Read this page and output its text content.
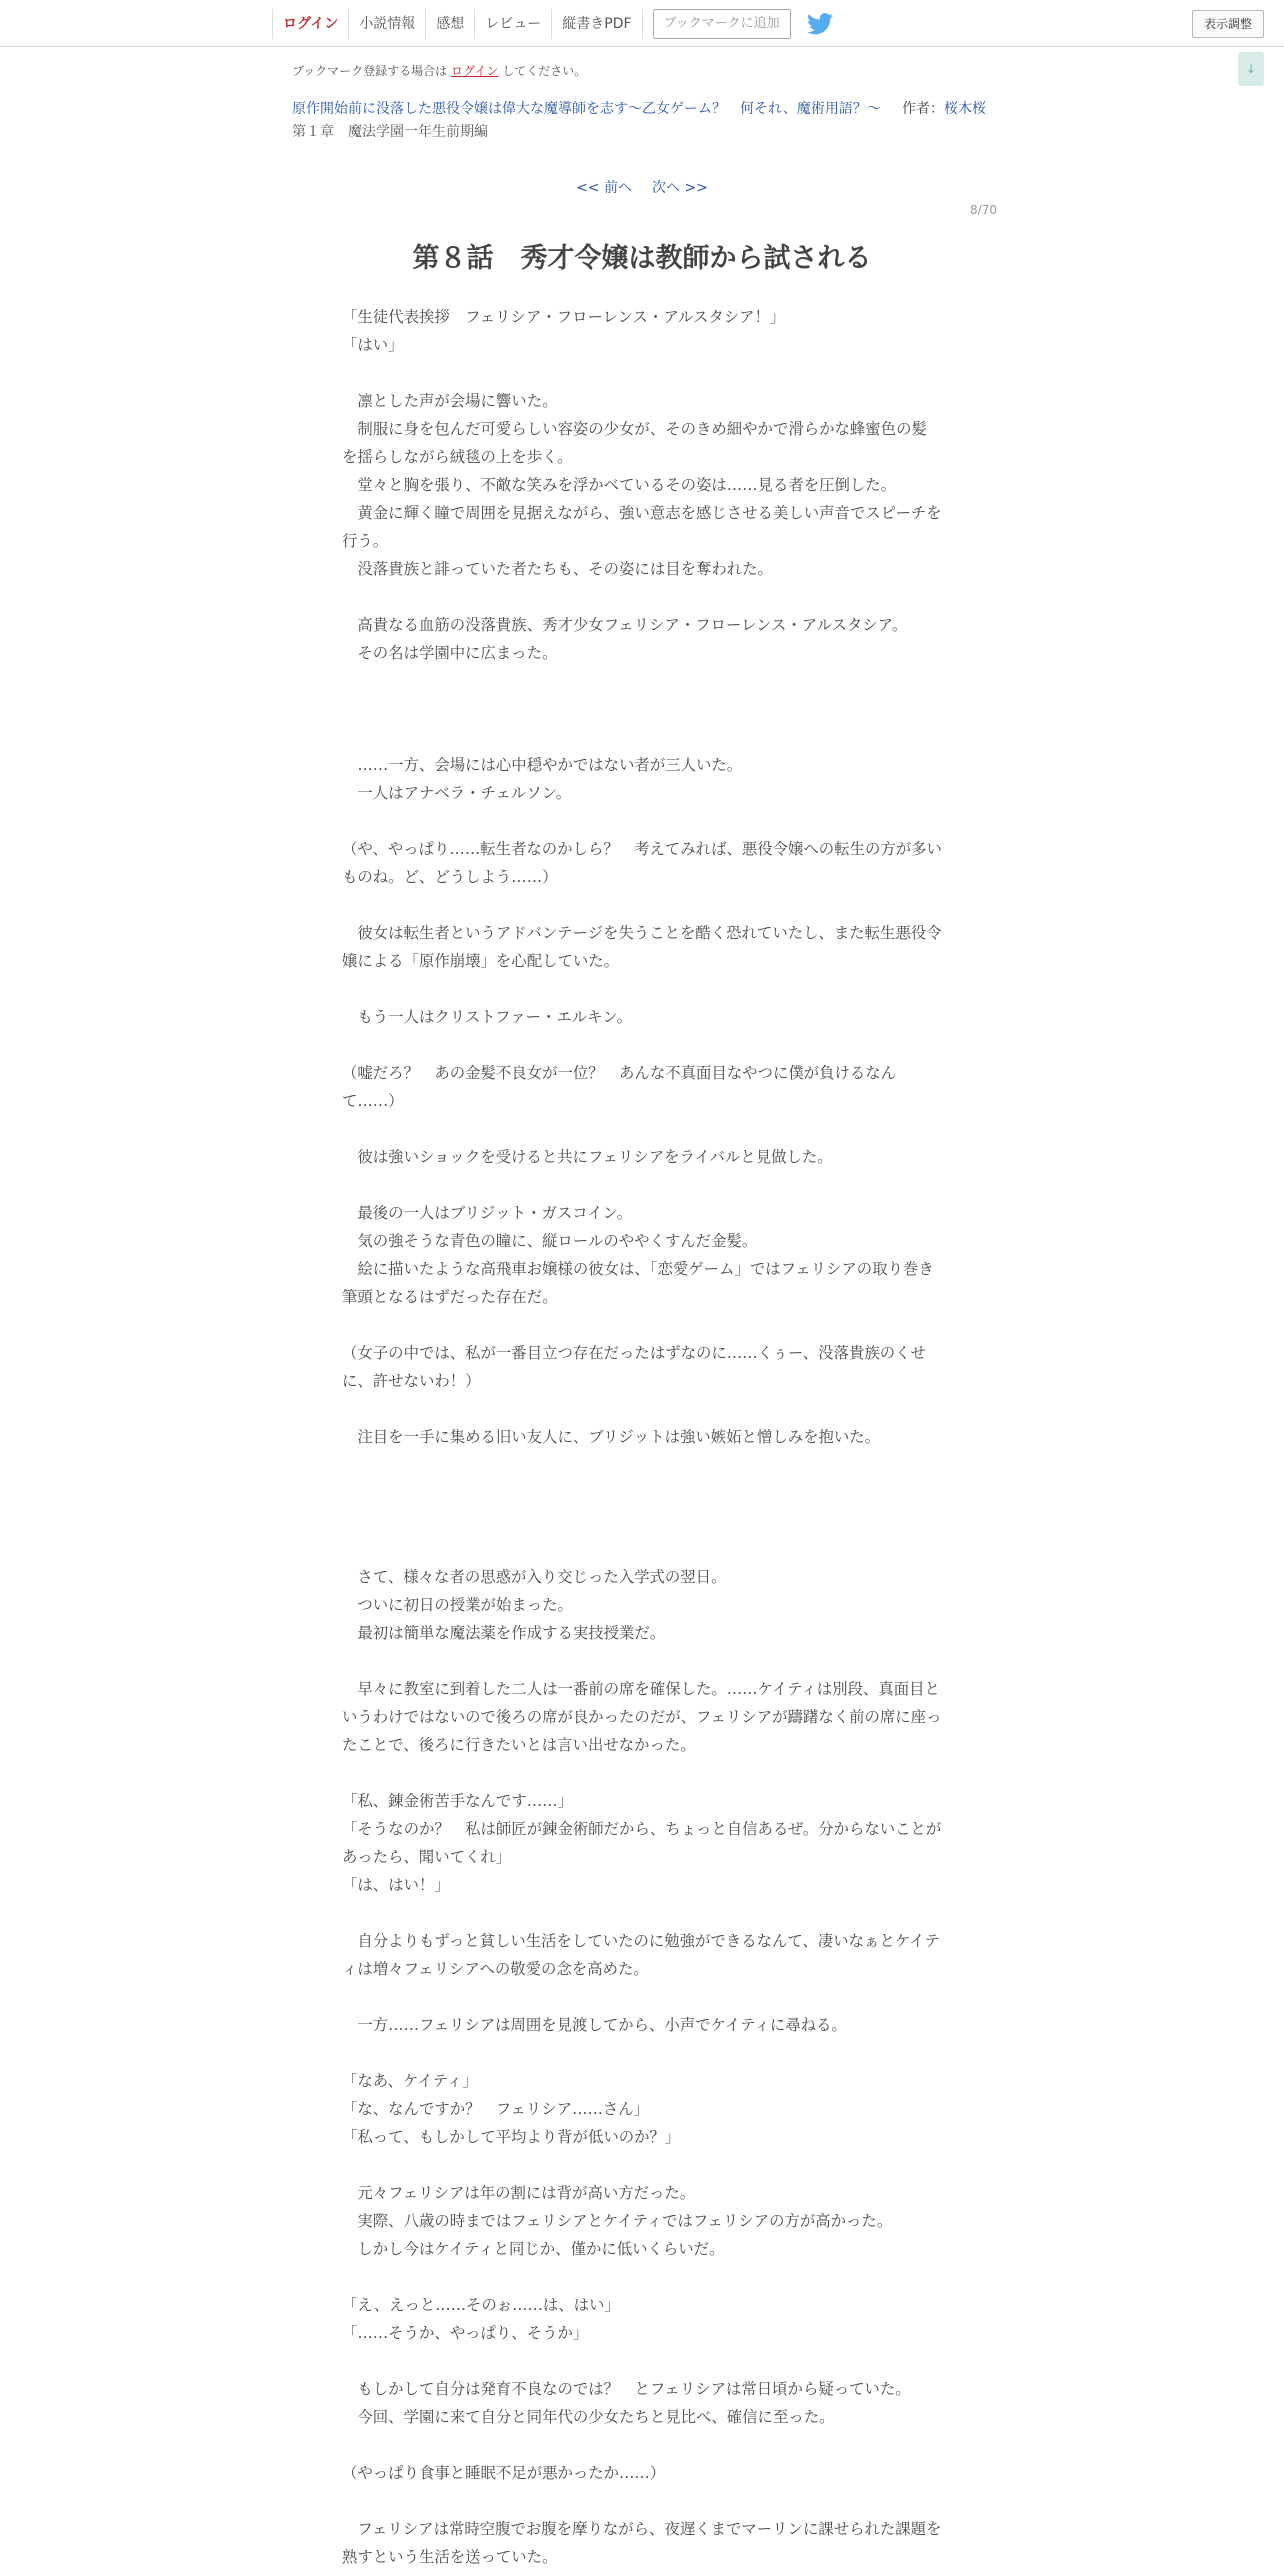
ログイン	小説情報	感想	レビュー	縦書きPDF	ブックマークに追加	表示調整
↓
ブックマーク登録する場合は ログイン してください。
原作開始前に没落した悪役令嬢は偉大な魔導師を志す～乙女ゲーム？　何それ、魔術用語？～ 作者：桜木桜
第１章　魔法学園一年生前期編
<< 前へ 次へ >>
8/70
第８話　秀才令嬢は教師から試される

「生徒代表挨拶　フェリシア・フローレンス・アルスタシア！」

「はい」

　凛とした声が会場に響いた。

　制服に身を包んだ可愛らしい容姿の少女が、そのきめ細やかで滑らかな蜂蜜色の髪を揺らしながら絨毯の上を歩く。

　堂々と胸を張り、不敵な笑みを浮かべているその姿は……見る者を圧倒した。

　黄金に輝く瞳で周囲を見据えながら、強い意志を感じさせる美しい声音でスピーチを行う。

　没落貴族と誹っていた者たちも、その姿には目を奪われた。

　高貴なる血筋の没落貴族、秀才少女フェリシア・フローレンス・アルスタシア。

　その名は学園中に広まった。

　……一方、会場には心中穏やかではない者が三人いた。

　一人はアナベラ・チェルソン。

（や、やっぱり……転生者なのかしら？　考えてみれば、悪役令嬢への転生の方が多いものね。ど、どうしよう……）

　彼女は転生者というアドバンテージを失うことを酷く恐れていたし、また転生悪役令嬢による「原作崩壊」を心配していた。

　もう一人はクリストファー・エルキン。

（嘘だろ？　あの金髪不良女が一位？　あんな不真面目なやつに僕が負けるなんて……）

　彼は強いショックを受けると共にフェリシアをライバルと見做した。

　最後の一人はブリジット・ガスコイン。

　気の強そうな青色の瞳に、縦ロールのややくすんだ金髪。

　絵に描いたような高飛車お嬢様の彼女は、「恋愛ゲーム」ではフェリシアの取り巻き筆頭となるはずだった存在だ。

（女子の中では、私が一番目立つ存在だったはずなのに……くぅー、没落貴族のくせに、許せないわ！）

　注目を一手に集める旧い友人に、ブリジットは強い嫉妬と憎しみを抱いた。

　さて、様々な者の思惑が入り交じった入学式の翌日。

　ついに初日の授業が始まった。

　最初は簡単な魔法薬を作成する実技授業だ。

　早々に教室に到着した二人は一番前の席を確保した。……ケイティは別段、真面目というわけではないので後ろの席が良かったのだが、フェリシアが躊躇なく前の席に座ったことで、後ろに行きたいとは言い出せなかった。

「私、錬金術苦手なんです……」

「そうなのか？　私は師匠が錬金術師だから、ちょっと自信あるぜ。分からないことがあったら、聞いてくれ」

「は、はい！」

　自分よりもずっと貧しい生活をしていたのに勉強ができるなんて、凄いなぁとケイティは増々フェリシアへの敬愛の念を高めた。

　一方……フェリシアは周囲を見渡してから、小声でケイティに尋ねる。

「なあ、ケイティ」

「な、なんですか？　フェリシア……さん」

「私って、もしかして平均より背が低いのか？」

　元々フェリシアは年の割には背が高い方だった。

　実際、八歳の時まではフェリシアとケイティではフェリシアの方が高かった。

　しかし今はケイティと同じか、僅かに低いくらいだ。

「え、えっと……そのぉ……は、はい」

「……そうか、やっぱり、そうか」

　もしかして自分は発育不良なのでは？　とフェリシアは常日頃から疑っていた。

　今回、学園に来て自分と同年代の少女たちと見比べ、確信に至った。

（やっぱり食事と睡眠不足が悪かったか……）

　フェリシアは常時空腹でお腹を摩りながら、夜遅くまでマーリンに課せられた課題を熟すという生活を送っていた。
